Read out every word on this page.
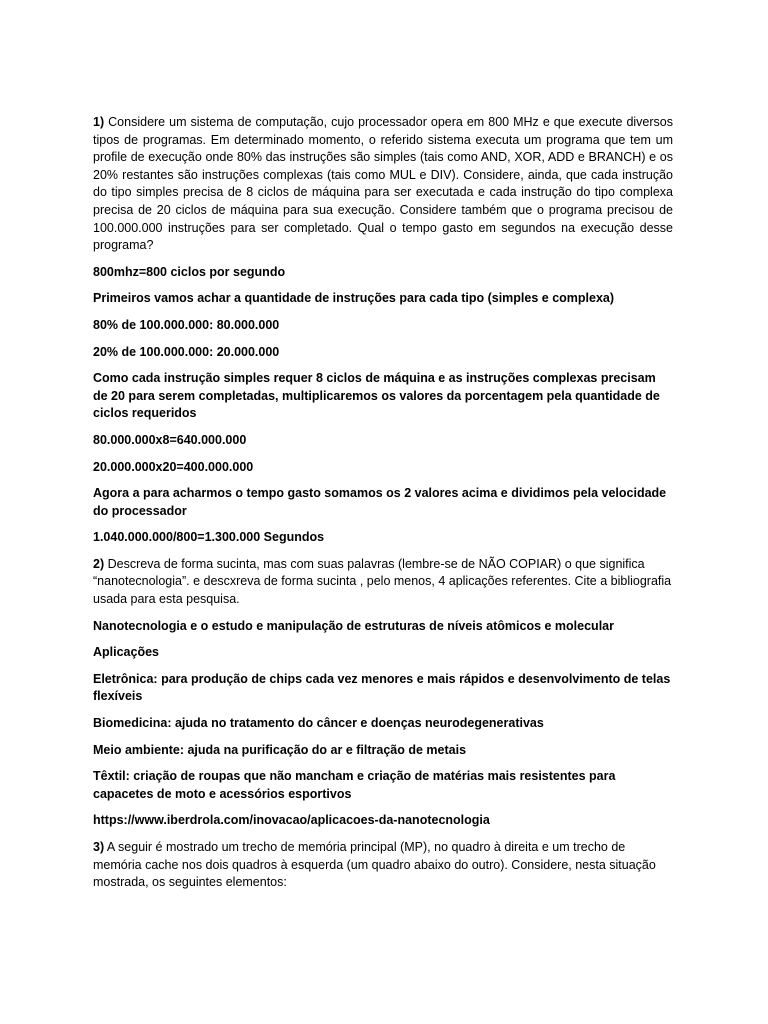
1) Considere um sistema de computação, cujo processador opera em 800 MHz e que execute diversos tipos de programas. Em determinado momento, o referido sistema executa um programa que tem um profile de execução onde 80% das instruções são simples (tais como AND, XOR, ADD e BRANCH) e os 20% restantes são instruções complexas (tais como MUL e DIV). Considere, ainda, que cada instrução do tipo simples precisa de 8 ciclos de máquina para ser executada e cada instrução do tipo complexa precisa de 20 ciclos de máquina para sua execução. Considere também que o programa precisou de 100.000.000 instruções para ser completado. Qual o tempo gasto em segundos na execução desse programa?

800mhz=800 ciclos por segundo

Primeiros vamos achar a quantidade de instruções para cada tipo (simples e complexa)

80% de 100.000.000: 80.000.000

20% de 100.000.000: 20.000.000

Como cada instrução simples requer 8 ciclos de máquina e as instruções complexas precisam de 20 para serem completadas, multiplicaremos os valores da porcentagem pela quantidade de ciclos requeridos

80.000.000x8=640.000.000

20.000.000x20=400.000.000

Agora a para acharmos o tempo gasto somamos os 2 valores acima e dividimos pela velocidade do processador

1.040.000.000/800=1.300.000 Segundos

2) Descreva de forma sucinta, mas com suas palavras (lembre-se de NÃO COPIAR) o que significa “nanotecnologia”. e descxreva de forma sucinta , pelo menos, 4 aplicações referentes. Cite a bibliografia usada para esta pesquisa.

Nanotecnologia e o estudo e manipulação de estruturas de níveis atômicos e molecular

Aplicações

Eletrônica: para produção de chips cada vez menores e mais rápidos e desenvolvimento de telas flexíveis

Biomedicina: ajuda no tratamento do câncer e doenças neurodegenerativas

Meio ambiente: ajuda na purificação do ar e filtração de metais

Têxtil: criação de roupas que não mancham e criação de matérias mais resistentes para capacetes de moto e acessórios esportivos

https://www.iberdrola.com/inovacao/aplicacoes-da-nanotecnologia

3) A seguir é mostrado um trecho de memória principal (MP), no quadro à direita e um trecho de memória cache nos dois quadros à esquerda (um quadro abaixo do outro). Considere, nesta situação mostrada, os seguintes elementos:
